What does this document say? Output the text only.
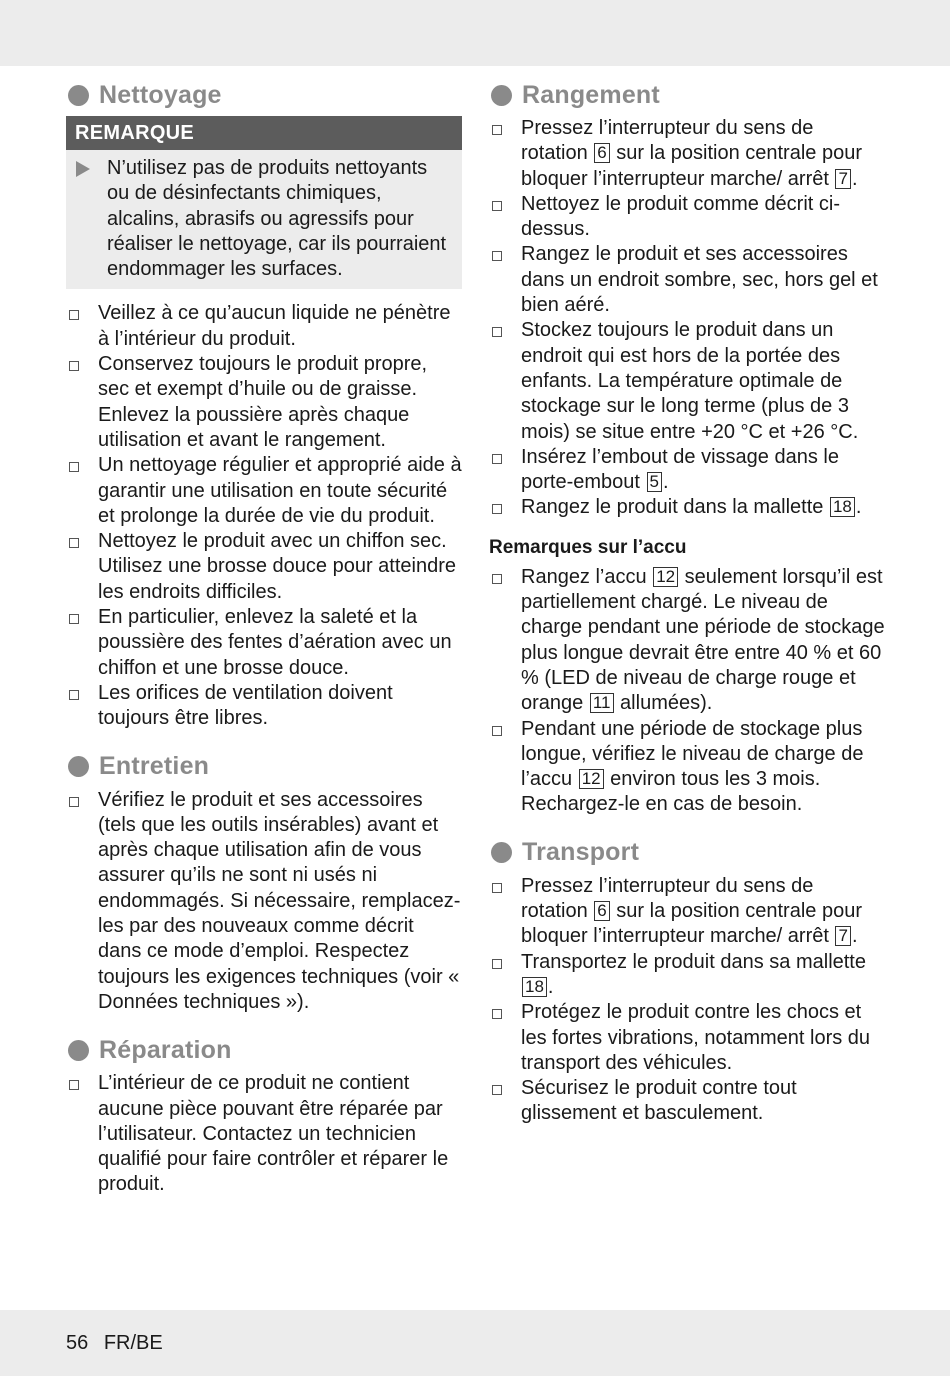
Nettoyage
REMARQUE
N’utilisez pas de produits nettoyants ou de désinfectants chimiques, alcalins, abrasifs ou agressifs pour réaliser le nettoyage, car ils pourraient endommager les surfaces.
Veillez à ce qu’aucun liquide ne pénètre à l’intérieur du produit.
Conservez toujours le produit propre, sec et exempt d’huile ou de graisse. Enlevez la poussière après chaque utilisation et avant le rangement.
Un nettoyage régulier et approprié aide à garantir une utilisation en toute sécurité et prolonge la durée de vie du produit.
Nettoyez le produit avec un chiffon sec. Utilisez une brosse douce pour atteindre les endroits difficiles.
En particulier, enlevez la saleté et la poussière des fentes d’aération avec un chiffon et une brosse douce.
Les orifices de ventilation doivent toujours être libres.
Entretien
Vérifiez le produit et ses accessoires (tels que les outils insérables) avant et après chaque utilisation afin de vous assurer qu’ils ne sont ni usés ni endommagés. Si nécessaire, remplacez-les par des nouveaux comme décrit dans ce mode d’emploi. Respectez toujours les exigences techniques (voir « Données techniques »).
Réparation
L’intérieur de ce produit ne contient aucune pièce pouvant être réparée par l’utilisateur. Contactez un technicien qualifié pour faire contrôler et réparer le produit.
Rangement
Pressez l’interrupteur du sens de rotation 6 sur la position centrale pour bloquer l’interrupteur marche/ arrêt 7 .
Nettoyez le produit comme décrit ci-dessus.
Rangez le produit et ses accessoires dans un endroit sombre, sec, hors gel et bien aéré.
Stockez toujours le produit dans un endroit qui est hors de la portée des enfants. La température optimale de stockage sur le long terme (plus de 3 mois) se situe entre +20 °C et +26 °C.
Insérez l’embout de vissage dans le porte-embout 5 .
Rangez le produit dans la mallette 18 .
Remarques sur l’accu
Rangez l’accu 12 seulement lorsqu’il est partiellement chargé. Le niveau de charge pendant une période de stockage plus longue devrait être entre 40 % et 60 % (LED de niveau de charge rouge et orange 11 allumées).
Pendant une période de stockage plus longue, vérifiez le niveau de charge de l’accu 12 environ tous les 3 mois. Rechargez-le en cas de besoin.
Transport
Pressez l’interrupteur du sens de rotation 6 sur la position centrale pour bloquer l’interrupteur marche/ arrêt 7 .
Transportez le produit dans sa mallette 18 .
Protégez le produit contre les chocs et les fortes vibrations, notamment lors du transport des véhicules.
Sécurisez le produit contre tout glissement et basculement.
56 FR/BE
